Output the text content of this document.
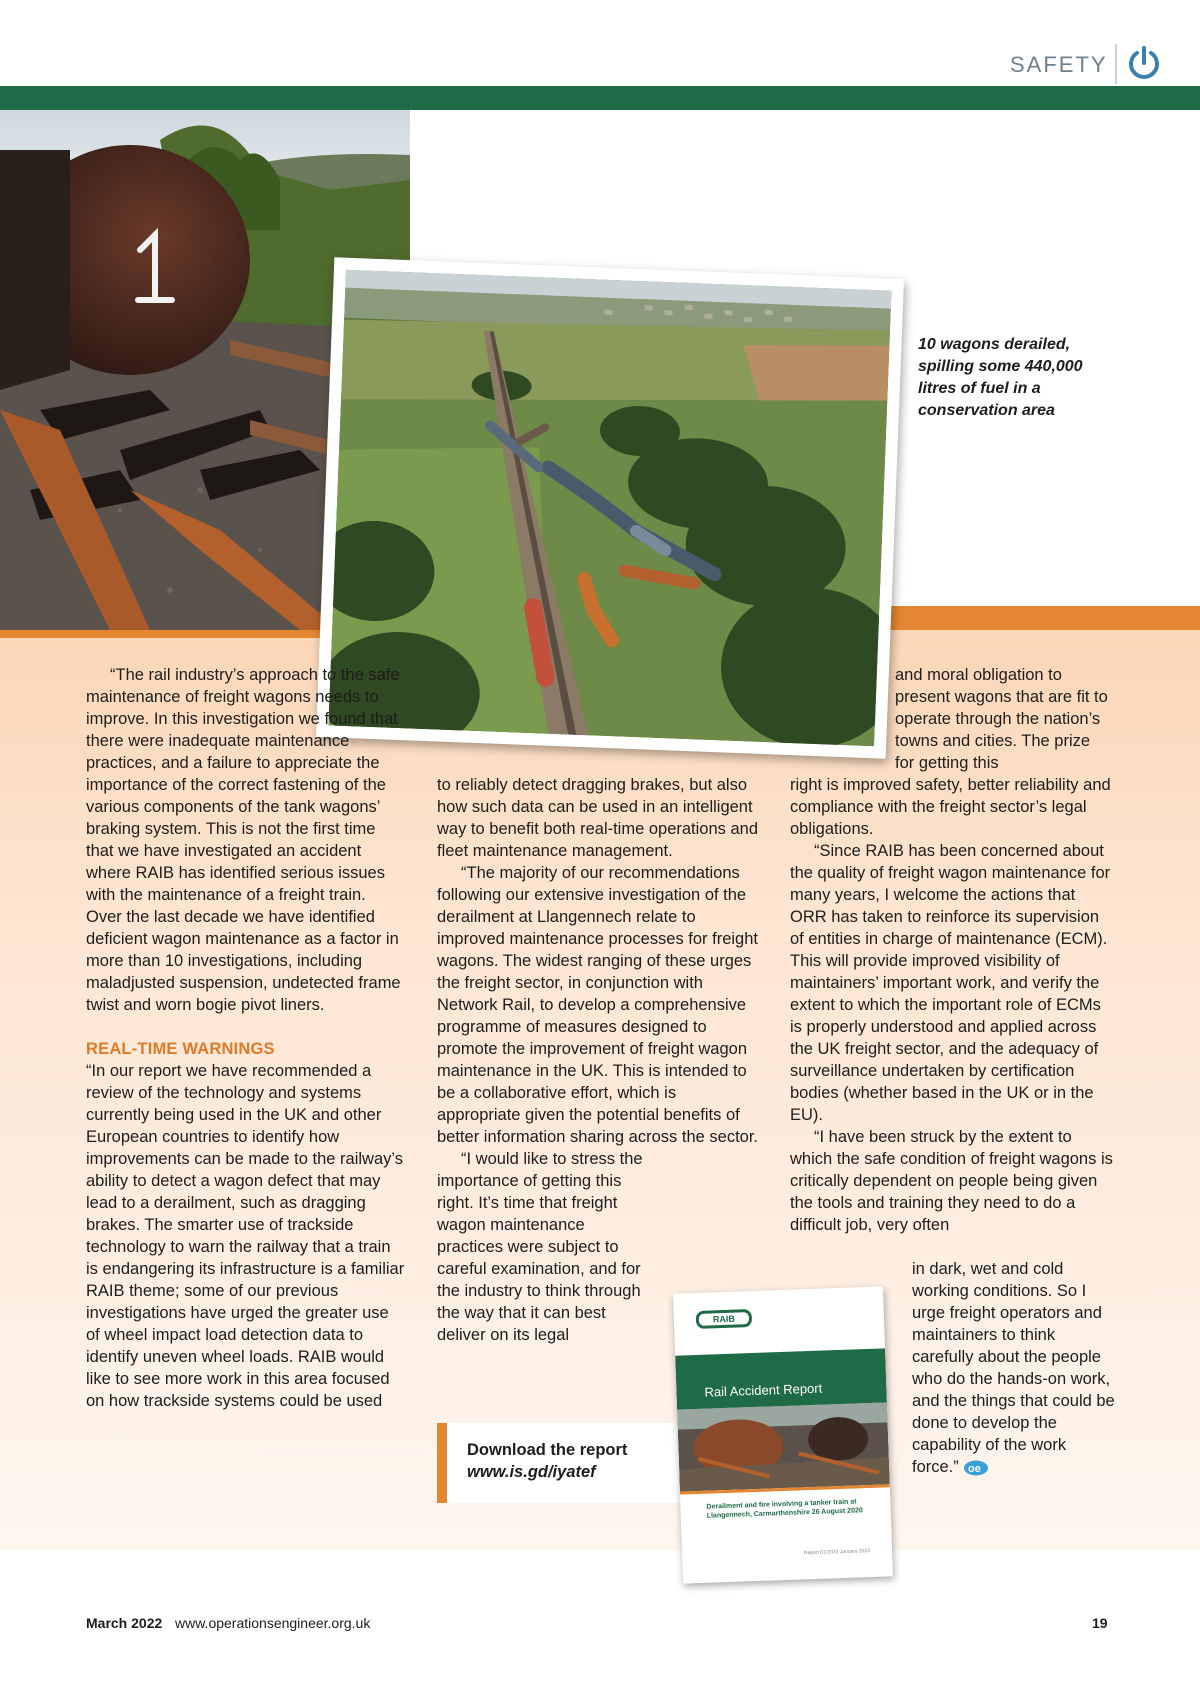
SAFETY
10 wagons derailed, spilling some 440,000 litres of fuel in a conservation area

“The rail industry’s approach to the safe maintenance of freight wagons needs to improve. In this investigation we found that there were inadequate maintenance practices, and a failure to appreciate the importance of the correct fastening of the various components of the tank wagons’ braking system. This is not the first time that we have investigated an accident where RAIB has identified serious issues with the maintenance of a freight train. Over the last decade we have identified deficient wagon maintenance as a factor in more than 10 investigations, including maladjusted suspension, undetected frame twist and worn bogie pivot liners.

REAL-TIME WARNINGS

“In our report we have recommended a review of the technology and systems currently being used in the UK and other European countries to identify how improvements can be made to the railway’s ability to detect a wagon defect that may lead to a derailment, such as dragging brakes. The smarter use of trackside technology to warn the railway that a train is endangering its infrastructure is a familiar RAIB theme; some of our previous investigations have urged the greater use of wheel impact load detection data to identify uneven wheel loads. RAIB would like to see more work in this area focused on how trackside systems could be used

to reliably detect dragging brakes, but also how such data can be used in an intelligent way to benefit both real-time operations and fleet maintenance management.

“The majority of our recommendations following our extensive investigation of the derailment at Llangennech relate to improved maintenance processes for freight wagons. The widest ranging of these urges the freight sector, in conjunction with Network Rail, to develop a comprehensive programme of measures designed to promote the improvement of freight wagon maintenance in the UK. This is intended to be a collaborative effort, which is appropriate given the potential benefits of better information sharing across the sector.

“I would like to stress the importance of getting this right. It’s time that freight wagon maintenance practices were subject to careful examination, and for the industry to think through the way that it can best deliver on its legal

and moral obligation to present wagons that are fit to operate through the nation’s towns and cities. The prize for getting this

right is improved safety, better reliability and compliance with the freight sector’s legal obligations.

“Since RAIB has been concerned about the quality of freight wagon maintenance for many years, I welcome the actions that ORR has taken to reinforce its supervision of entities in charge of maintenance (ECM). This will provide improved visibility of maintainers’ important work, and verify the extent to which the important role of ECMs is properly understood and applied across the UK freight sector, and the adequacy of surveillance undertaken by certification bodies (whether based in the UK or in the EU).

“I have been struck by the extent to which the safe condition of freight wagons is critically dependent on people being given the tools and training they need to do a difficult job, very often

in dark, wet and cold working conditions. So I urge freight operators and maintainers to think carefully about the people who do the hands-on work, and the things that could be done to develop the capability of the work force.” oe

Download the report
www.is.gd/iyatef
RAIB
Rail Accident Report
Derailment and fire involving a tanker train at Llangennech, Carmarthenshire 26 August 2020
Report 01/2022 January 2022
March 2022 www.operationsengineer.org.uk	19
